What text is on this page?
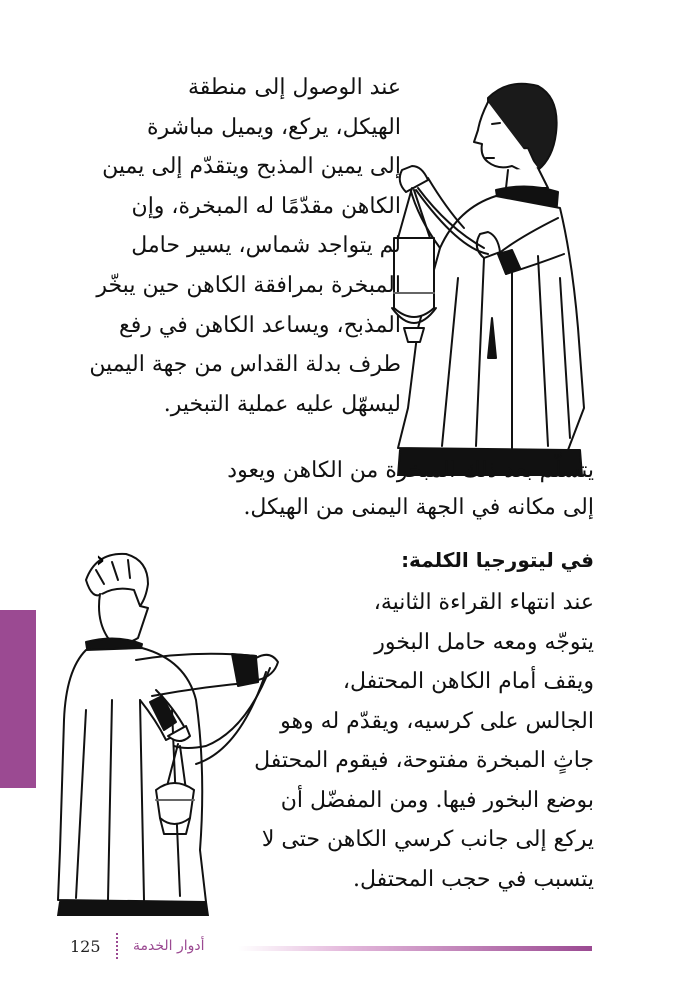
عند الوصول إلى منطقة
الهيكل، يركع، ويميل مباشرة
إلى يمين المذبح ويتقدّم إلى يمين
الكاهن مقدّمًا له المبخرة، وإن
لم يتواجد شماس، يسير حامل
المبخرة بمرافقة الكاهن حين يبخّر
المذبح، ويساعد الكاهن في رفع
طرف بدلة القداس من جهة اليمين
ليسهّل عليه عملية التبخير.
يتسلّم بعد ذلك المبخرة من الكاهن ويعود
إلى مكانه في الجهة اليمنى من الهيكل.
في ليتورجيا الكلمة:
›
عند انتهاء القراءة الثانية،
يتوجّه ومعه حامل البخور
ويقف أمام الكاهن المحتفل،
الجالس على كرسيه، ويقدّم له وهو
جاثٍ المبخرة مفتوحة، فيقوم المحتفل
بوضع البخور فيها. ومن المفضّل أن
يركع إلى جانب كرسي الكاهن حتى لا
يتسبب في حجب المحتفل.
أدوار الخدمة
125
